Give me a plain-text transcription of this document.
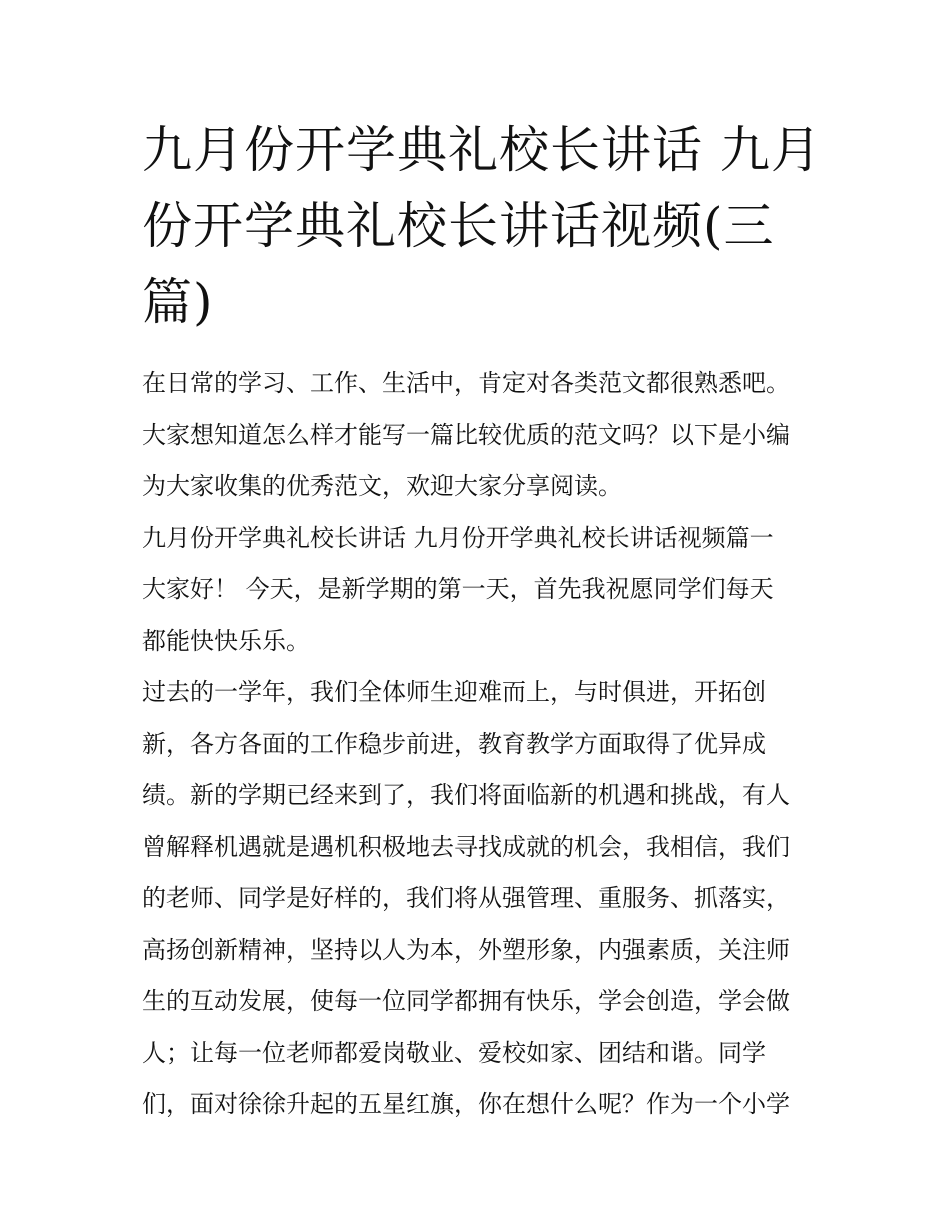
九月份开学典礼校长讲话 九月
份开学典礼校长讲话视频(三
篇)

在日常的学习、工作、生活中，肯定对各类范文都很熟悉吧。
大家想知道怎么样才能写一篇比较优质的范文吗？以下是小编
为大家收集的优秀范文，欢迎大家分享阅读。

九月份开学典礼校长讲话 九月份开学典礼校长讲话视频篇一

大家好！ 今天，是新学期的第一天，首先我祝愿同学们每天
都能快快乐乐。

过去的一学年，我们全体师生迎难而上，与时俱进，开拓创
新，各方各面的工作稳步前进，教育教学方面取得了优异成
绩。新的学期已经来到了，我们将面临新的机遇和挑战，有人
曾解释机遇就是遇机积极地去寻找成就的机会，我相信，我们
的老师、同学是好样的，我们将从强管理、重服务、抓落实，
高扬创新精神，坚持以人为本，外塑形象，内强素质，关注师
生的互动发展，使每一位同学都拥有快乐，学会创造，学会做
人；让每一位老师都爱岗敬业、爱校如家、团结和谐。同学
们，面对徐徐升起的五星红旗，你在想什么呢？作为一个小学
